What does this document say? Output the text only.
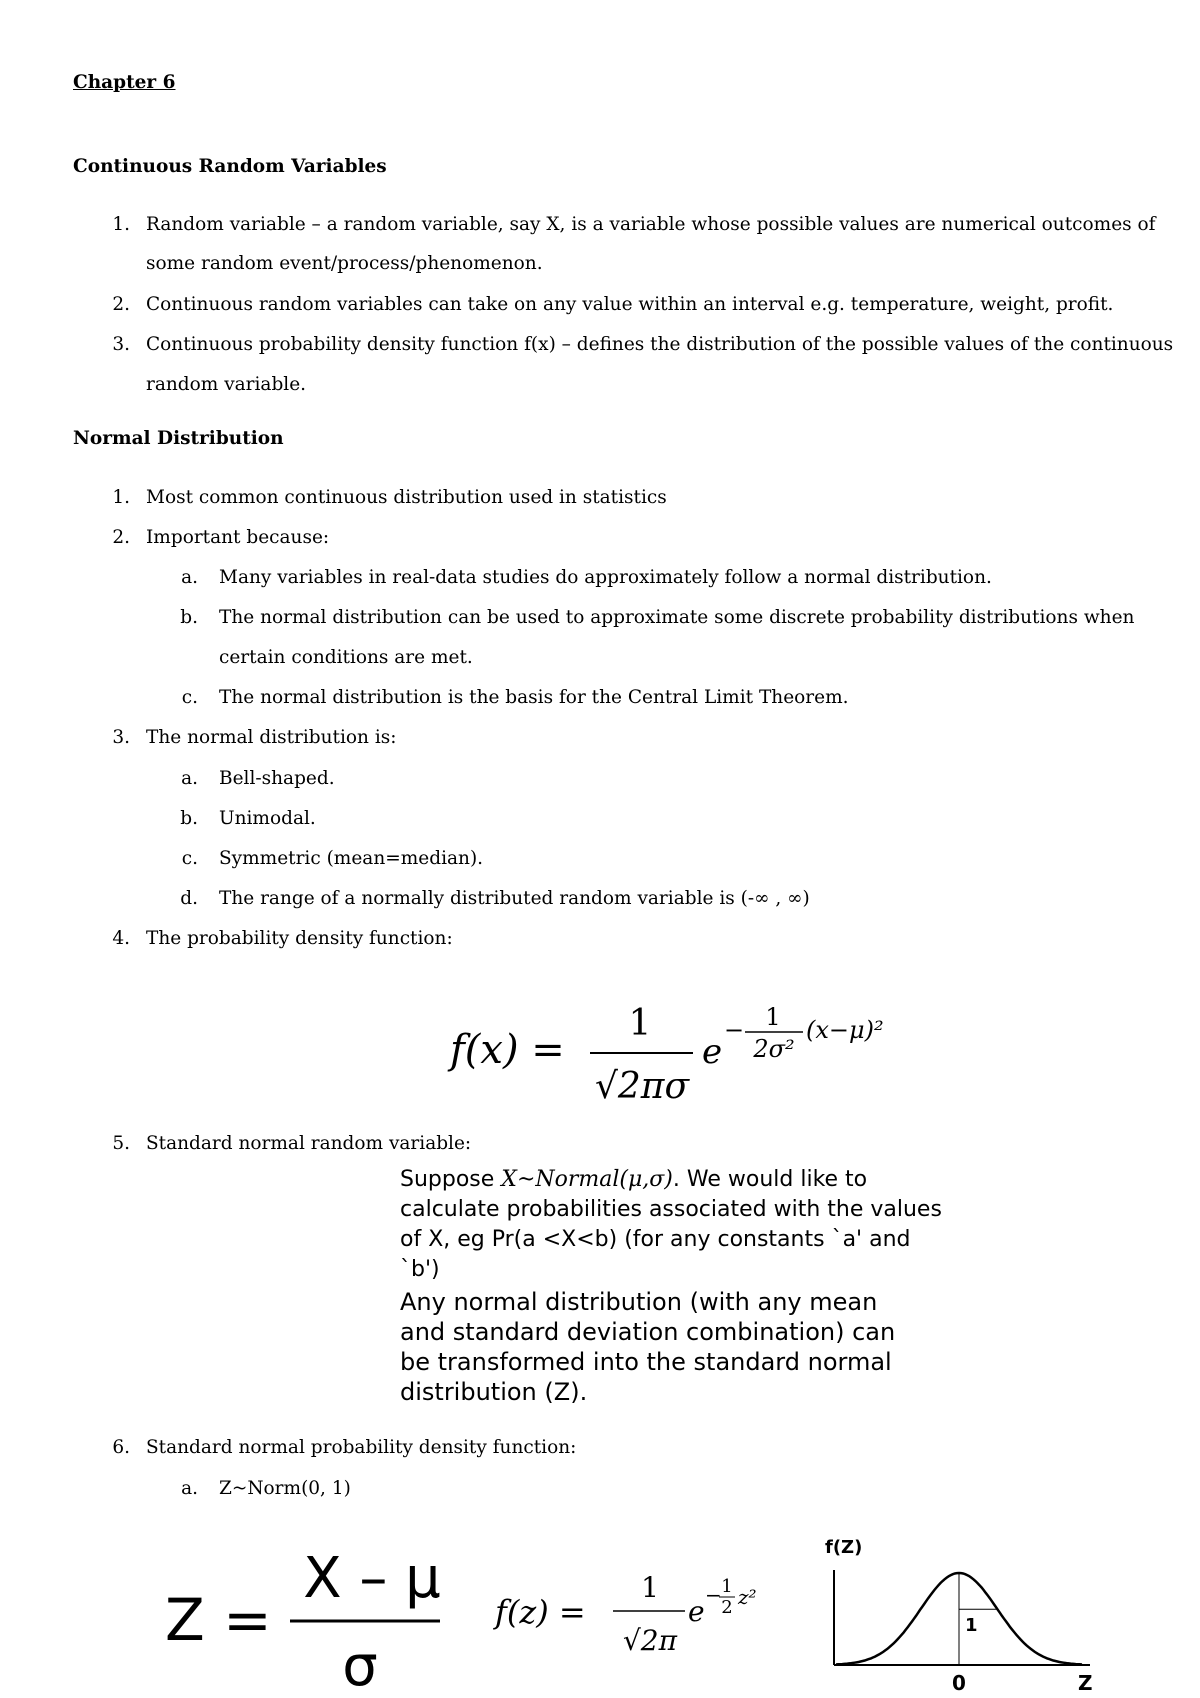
Chapter 6
Continuous Random Variables
1. Random variable – a random variable, say X, is a variable whose possible values are numerical outcomes of
some random event/process/phenomenon.
2. Continuous random variables can take on any value within an interval e.g. temperature, weight, profit.
3. Continuous probability density function f(x) – defines the distribution of the possible values of the continuous
random variable.
Normal Distribution
1. Most common continuous distribution used in statistics
2. Important because:
a. Many variables in real-data studies do approximately follow a normal distribution.
b. The normal distribution can be used to approximate some discrete probability distributions when
certain conditions are met.
c. The normal distribution is the basis for the Central Limit Theorem.
3. The normal distribution is:
a. Bell-shaped.
b. Unimodal.
c. Symmetric (mean=median).
d. The range of a normally distributed random variable is (-∞ , ∞)
4. The probability density function:
f(x) =
1
√2πσ
e
− 1
2σ²
(x−μ)²
5. Standard normal random variable:
Suppose X~Normal(μ,σ). We would like to
calculate probabilities associated with the values
of X, eg Pr(a <X<b) (for any constants `a' and
`b')
Any normal distribution (with any mean
and standard deviation combination) can
be transformed into the standard normal
distribution (Z).
6. Standard normal probability density function:
a. Z~Norm(0, 1)
Z =
X – μ
σ
f(z) =
1
√2π
e − 1
2 z²
f(Z)
1
0	Z
